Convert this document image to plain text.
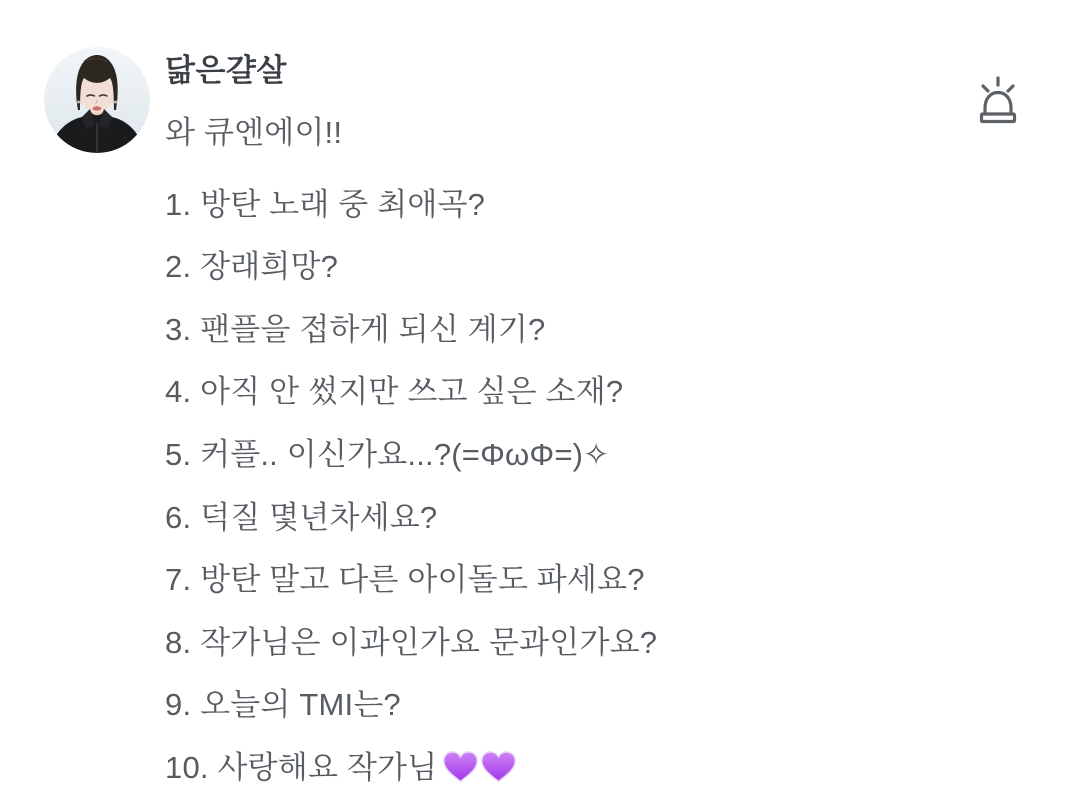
닮은걀살
와 큐엔에이!!
1. 방탄 노래 중 최애곡?
2. 장래희망?
3. 팬플을 접하게 되신 계기?
4. 아직 안 썼지만 쓰고 싶은 소재?
5. 커플.. 이신가요...?(=ΦωΦ=)✧
6. 덕질 몇년차세요?
7. 방탄 말고 다른 아이돌도 파세요?
8. 작가님은 이과인가요 문과인가요?
9. 오늘의 TMI는?
10. 사랑해요 작가님
